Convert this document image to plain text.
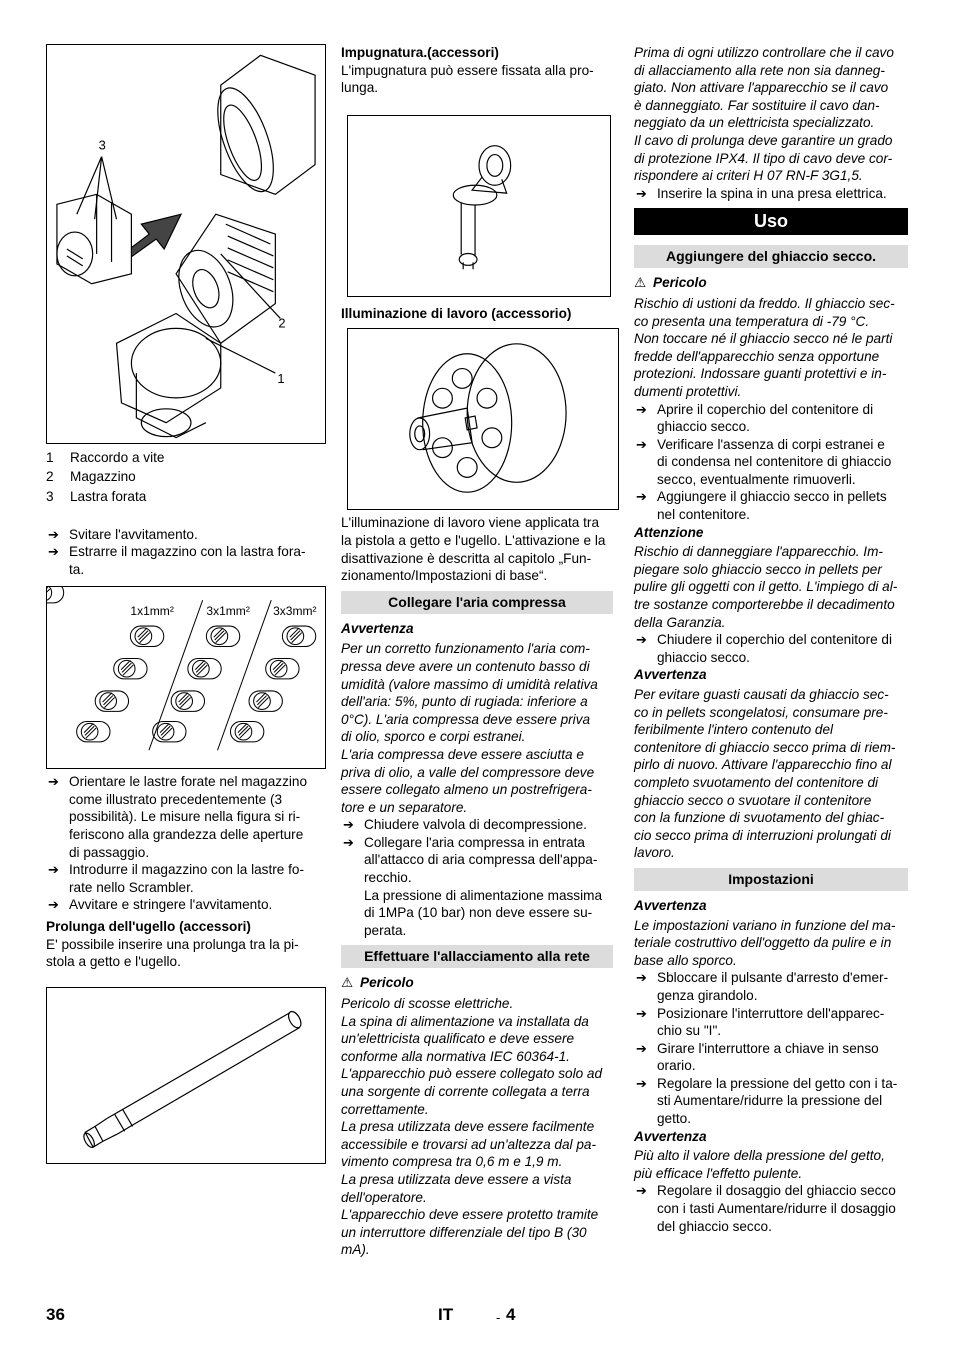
3
2
1
1	Raccordo a vite
2	Magazzino
3	Lastra forata
➔ Svitare l'avvitamento.
➔ Estrarre il magazzino con la lastra fora-
ta.
1x1mm²	3x1mm² 3x3mm²
➔ Orientare le lastre forate nel magazzino
come illustrato precedentemente (3
possibilità). Le misure nella figura si ri-
feriscono alla grandezza delle aperture
di passaggio.
➔ Introdurre il magazzino con la lastre fo-
rate nello Scrambler.
➔ Avvitare e stringere l'avvitamento.
Prolunga dell'ugello (accessori)
E' possibile inserire una prolunga tra la pi-
stola a getto e l'ugello.
Impugnatura.(accessori)
L'impugnatura può essere fissata alla pro-
lunga.
Illuminazione di lavoro (accessorio)
L'illuminazione di lavoro viene applicata tra
la pistola a getto e l'ugello. L'attivazione e la
disattivazione è descritta al capitolo „Fun-
zionamento/Impostazioni di base“.
Collegare l'aria compressa
Avvertenza
Per un corretto funzionamento l'aria com-
pressa deve avere un contenuto basso di
umidità (valore massimo di umidità relativa
dell'aria: 5%, punto di rugiada: inferiore a
0°C). L'aria compressa deve essere priva
di olio, sporco e corpi estranei.
L'aria compressa deve essere asciutta e
priva di olio, a valle del compressore deve
essere collegato almeno un postrefrigera-
tore e un separatore.
➔ Chiudere valvola di decompressione.
➔ Collegare l'aria compressa in entrata
all'attacco di aria compressa dell'appa-
recchio.
La pressione di alimentazione massima
di 1MPa (10 bar) non deve essere su-
perata.
Effettuare l'allacciamento alla rete
⚠ Pericolo
Pericolo di scosse elettriche.
La spina di alimentazione va installata da
un'elettricista qualificato e deve essere
conforme alla normativa IEC 60364-1.
L'apparecchio può essere collegato solo ad
una sorgente di corrente collegata a terra
correttamente.
La presa utilizzata deve essere facilmente
accessibile e trovarsi ad un'altezza dal pa-
vimento compresa tra 0,6 m e 1,9 m.
La presa utilizzata deve essere a vista
dell'operatore.
L'apparecchio deve essere protetto tramite
un interruttore differenziale del tipo B (30
mA).
Prima di ogni utilizzo controllare che il cavo
di allacciamento alla rete non sia danneg-
giato. Non attivare l'apparecchio se il cavo
è danneggiato. Far sostituire il cavo dan-
neggiato da un elettricista specializzato.
Il cavo di prolunga deve garantire un grado
di protezione IPX4. Il tipo di cavo deve cor-
rispondere ai criteri H 07 RN-F 3G1,5.
➔ Inserire la spina in una presa elettrica.
Uso
Aggiungere del ghiaccio secco.
⚠ Pericolo
Rischio di ustioni da freddo. Il ghiaccio sec-
co presenta una temperatura di -79 °C.
Non toccare né il ghiaccio secco né le parti
fredde dell'apparecchio senza opportune
protezioni. Indossare guanti protettivi e in-
dumenti protettivi.
➔ Aprire il coperchio del contenitore di
ghiaccio secco.
➔ Verificare l'assenza di corpi estranei e
di condensa nel contenitore di ghiaccio
secco, eventualmente rimuoverli.
➔ Aggiungere il ghiaccio secco in pellets
nel contenitore.
Attenzione
Rischio di danneggiare l'apparecchio. Im-
piegare solo ghiaccio secco in pellets per
pulire gli oggetti con il getto. L'impiego di al-
tre sostanze comporterebbe il decadimento
della Garanzia.
➔ Chiudere il coperchio del contenitore di
ghiaccio secco.
Avvertenza
Per evitare guasti causati da ghiaccio sec-
co in pellets scongelatosi, consumare pre-
feribilmente l'intero contenuto del
contenitore di ghiaccio secco prima di riem-
pirlo di nuovo. Attivare l'apparecchio fino al
completo svuotamento del contenitore di
ghiaccio secco o svuotare il contenitore
con la funzione di svuotamento del ghiac-
cio secco prima di interruzioni prolungati di
lavoro.
Impostazioni
Avvertenza
Le impostazioni variano in funzione del ma-
teriale costruttivo dell'oggetto da pulire e in
base allo sporco.
➔ Sbloccare il pulsante d'arresto d'emer-
genza girandolo.
➔ Posizionare l'interruttore dell'apparec-
chio su "I".
➔ Girare l'interruttore a chiave in senso
orario.
➔ Regolare la pressione del getto con i ta-
sti Aumentare/ridurre la pressione del
getto.
Avvertenza
Più alto il valore della pressione del getto,
più efficace l'effetto pulente.
➔ Regolare il dosaggio del ghiaccio secco
con i tasti Aumentare/ridurre il dosaggio
del ghiaccio secco.
36	IT	- 4
